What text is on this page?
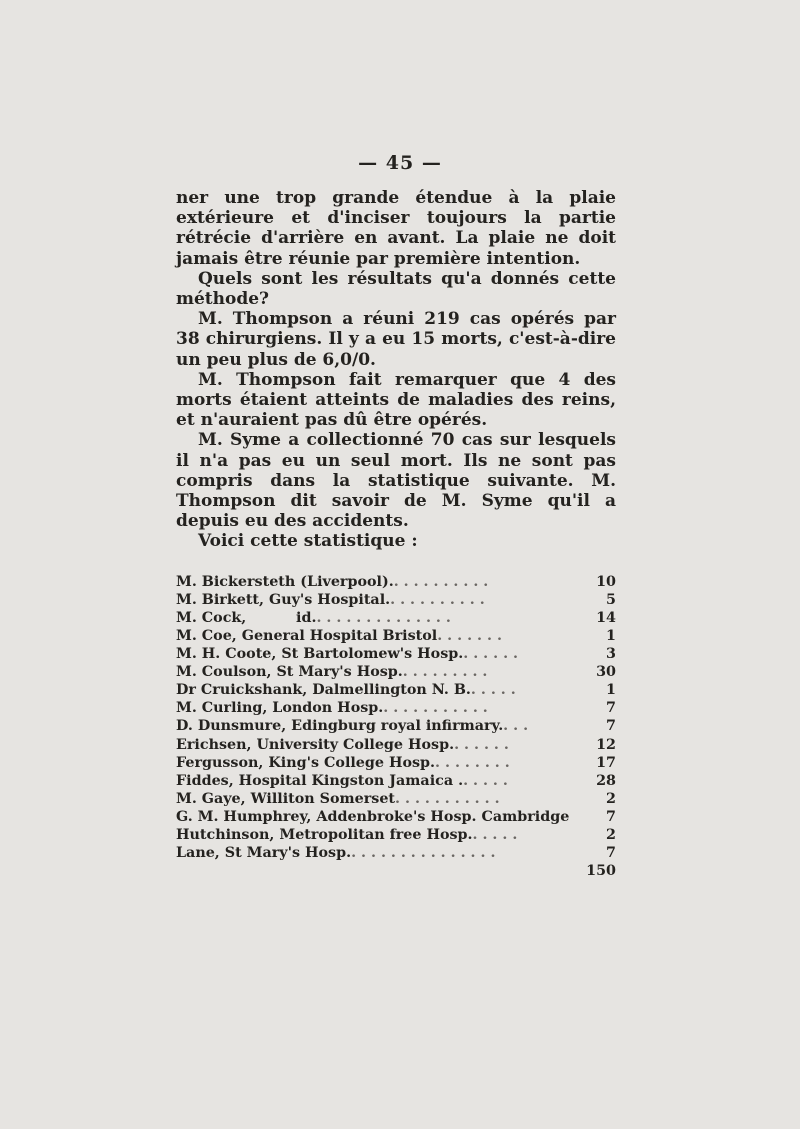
— 45 —

ner une trop grande étendue à la plaie extérieure et d'inciser toujours la partie rétrécie d'arrière en avant. La plaie ne doit jamais être réunie par première intention.

Quels sont les résultats qu'a donnés cette méthode?

M. Thompson a réuni 219 cas opérés par 38 chirurgiens. Il y a eu 15 morts, c'est-à-dire un peu plus de 6,0/0.

M. Thompson fait remarquer que 4 des morts étaient atteints de maladies des reins, et n'auraient pas dû être opérés.

M. Syme a collectionné 70 cas sur lesquels il n'a pas eu un seul mort. Ils ne sont pas compris dans la statistique suivante. M. Thompson dit savoir de M. Syme qu'il a depuis eu des accidents.

Voici cette statistique :

M. Bickersteth (Liverpool). . . . . . . . . . .	10
M. Birkett, Guy's Hospital. . . . . . . . . . .	5
M. Cock,          id. . . . . . . . . . . . . . .	14
M. Coe, General Hospital Bristol . . . . . . .	1
M. H. Coote, St Bartolomew's Hosp. . . . . . .	3
M. Coulson, St Mary's Hosp. . . . . . . . . .	30
Dr Cruickshank, Dalmellington N. B. . . . . .	1
M. Curling, London Hosp. . . . . . . . . . . .	7
D. Dunsmure, Edingburg royal infirmary. . . .	7
Erichsen, University College Hosp. . . . . . .	12
Fergusson, King's College Hosp. . . . . . . . .	17
Fiddes, Hospital Kingston Jamaica . . . . . .	28
M. Gaye, Williton Somerset . . . . . . . . . . .	2
G. M. Humphrey, Addenbroke's Hosp. Cambridge	7
Hutchinson, Metropolitan free Hosp. . . . . .	2
Lane, St Mary's Hosp. . . . . . . . . . . . . . . .	7
150
